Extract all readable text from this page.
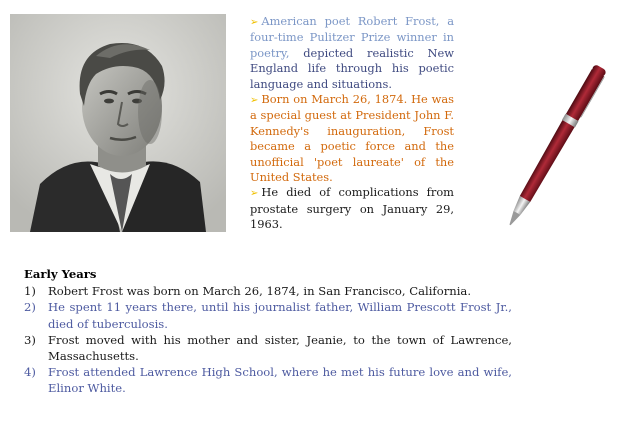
➢ American poet Robert Frost, a four-time Pulitzer Prize winner in poetry, depicted realistic New England life through his poetic language and situations.

➢ Born on March 26, 1874. He was a special guest at President John F. Kennedy's inauguration, Frost became a poetic force and the unofficial 'poet laureate' of the United States.

➢ He died of complications from prostate surgery on January 29, 1963.

Early Years
1) Robert Frost was born on March 26, 1874, in San Francisco, California.
2) He spent 11 years there, until his journalist father, William Prescott Frost Jr., died of tuberculosis.
3) Frost moved with his mother and sister, Jeanie, to the town of Lawrence, Massachusetts.
4) Frost attended Lawrence High School, where he met his future love and wife, Elinor White.
